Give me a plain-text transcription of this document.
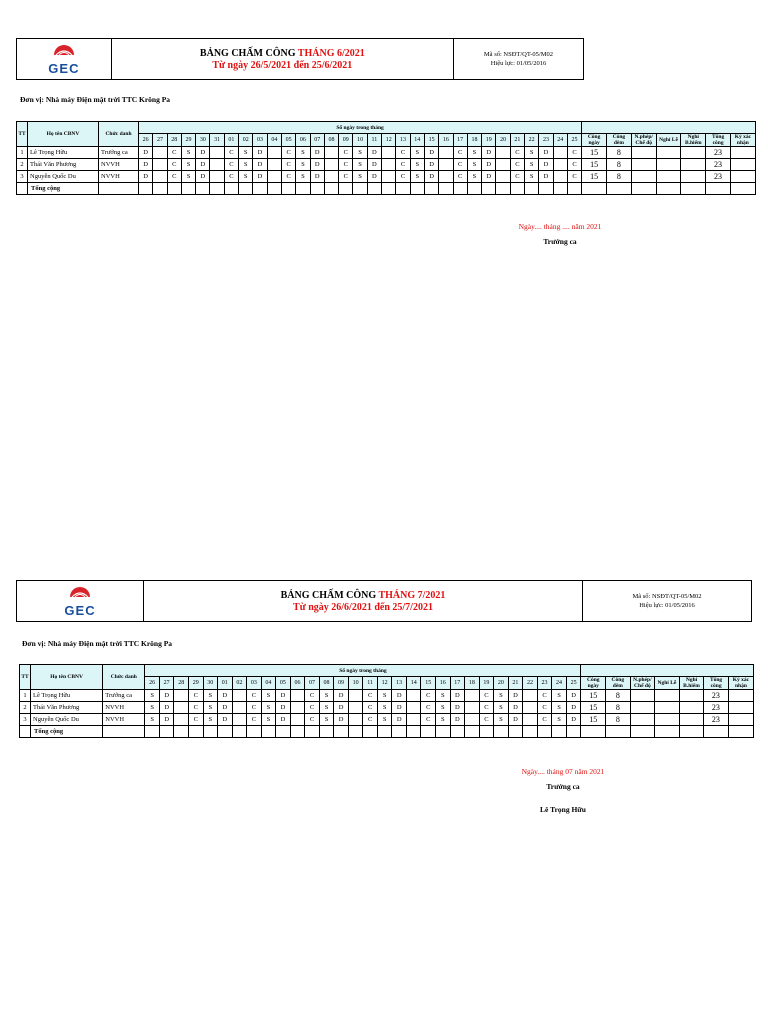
GEC
BẢNG CHẤM CÔNG THÁNG 6/2021
Từ ngày 26/5/2021 đến 25/6/2021
Mã số: NSĐT/QT-05/M02
Hiệu lực: 01/05/2016
Đơn vị: Nhà máy Điện mặt trời TTC Krông Pa
TT	Họ tên CBNV	Chức danh	Số ngày trong tháng																																					
			26	27	28	29	30	31	01	02	03	04	05	06	07	08	09	10	11	12	13	14	15	16	17	18	19	20	21	22	23	24	25	Công ngày	Công đêm	N.phép/ Chế độ	Nghỉ Lễ	Nghỉ B.hiểm	Tổng công	Ký xác nhận
1	Lê Trọng Hữu	Trưởng ca	D		C	S	D		C	S	D		C	S	D		C	S	D		C	S	D		C	S	D		C	S	D		C	15	8				23	
2	Thái Văn Phương	NVVH	D		C	S	D		C	S	D		C	S	D		C	S	D		C	S	D		C	S	D		C	S	D		C	15	8				23	
3	Nguyễn Quốc Du	NVVH	D		C	S	D		C	S	D		C	S	D		C	S	D		C	S	D		C	S	D		C	S	D		C	15	8				23	
	Tổng cộng																																							
Ngày.... tháng .... năm 2021
Trưởng ca
GEC
BẢNG CHẤM CÔNG THÁNG 7/2021
Từ ngày 26/6/2021 đến 25/7/2021
Mã số: NSĐT/QT-05/M02
Hiệu lực: 01/05/2016
Đơn vị: Nhà máy Điện mặt trời TTC Krông Pa
TT	Họ tên CBNV	Chức danh	Số ngày trong tháng																																				
			26	27	28	29	30	01	02	03	04	05	06	07	08	09	10	11	12	13	14	15	16	17	18	19	20	21	22	23	24	25	Công ngày	Công đêm	N.phép/ Chế độ	Nghỉ Lễ	Nghỉ B.hiểm	Tổng công	Ký xác nhận
1	Lê Trọng Hữu	Trưởng ca	S	D		C	S	D		C	S	D		C	S	D		C	S	D		C	S	D		C	S	D		C	S	D	15	8				23	
2	Thái Văn Phương	NVVH	S	D		C	S	D		C	S	D		C	S	D		C	S	D		C	S	D		C	S	D		C	S	D	15	8				23	
3	Nguyễn Quốc Du	NVVH	S	D		C	S	D		C	S	D		C	S	D		C	S	D		C	S	D		C	S	D		C	S	D	15	8				23	
	Tổng cộng																																						
Ngày.... tháng 07 năm 2021
Trưởng ca
Lê Trọng Hữu
